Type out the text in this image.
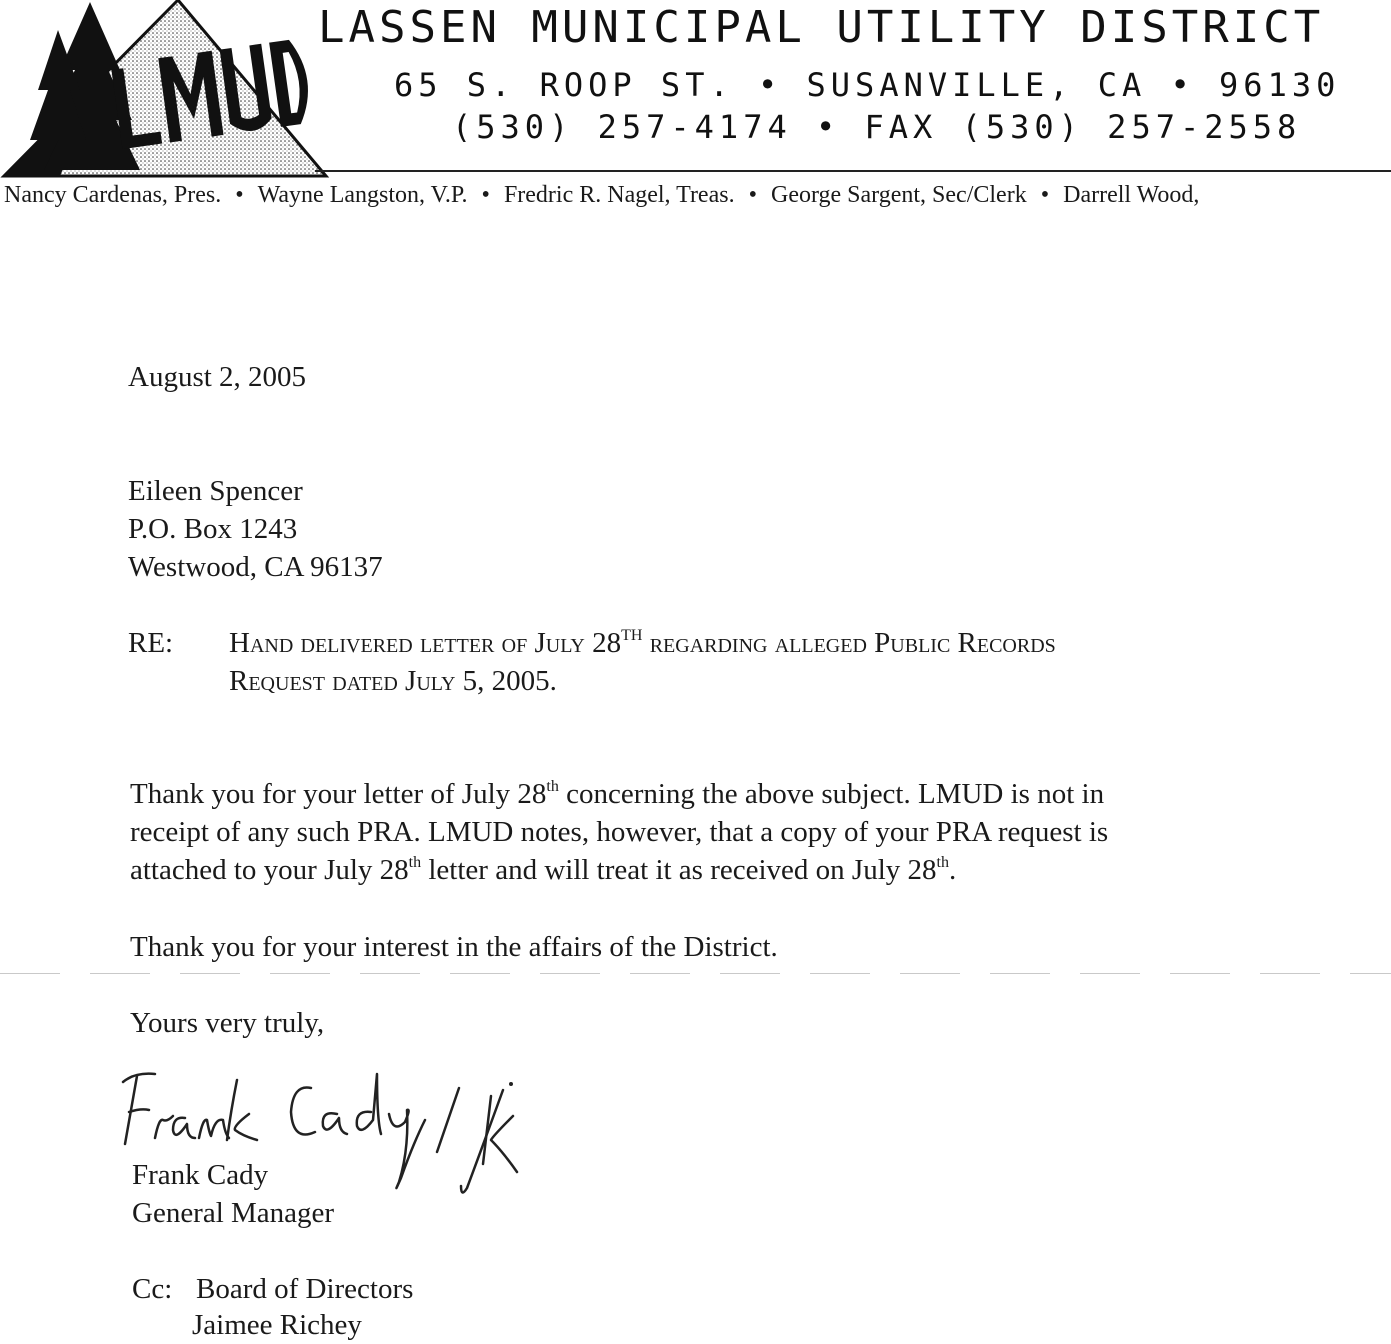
LASSEN MUNICIPAL UTILITY DISTRICT
65 S. ROOP ST. • SUSANVILLE, CA • 96130
(530) 257-4174 • FAX (530) 257-2558
Nancy Cardenas, Pres. • Wayne Langston, V.P. • Fredric R. Nagel, Treas. • George Sargent, Sec/Clerk • Darrell Wood,
August 2, 2005
Eileen Spencer
P.O. Box 1243
Westwood, CA 96137
RE: Hand delivered letter of July 28TH regarding alleged Public Records
Request dated July 5, 2005.
Thank you for your letter of July 28th concerning the above subject. LMUD is not in
receipt of any such PRA. LMUD notes, however, that a copy of your PRA request is
attached to your July 28th letter and will treat it as received on July 28th.
Thank you for your interest in the affairs of the District.
Yours very truly,
Frank Cady
General Manager
Cc: Board of Directors
Jaimee Richey
